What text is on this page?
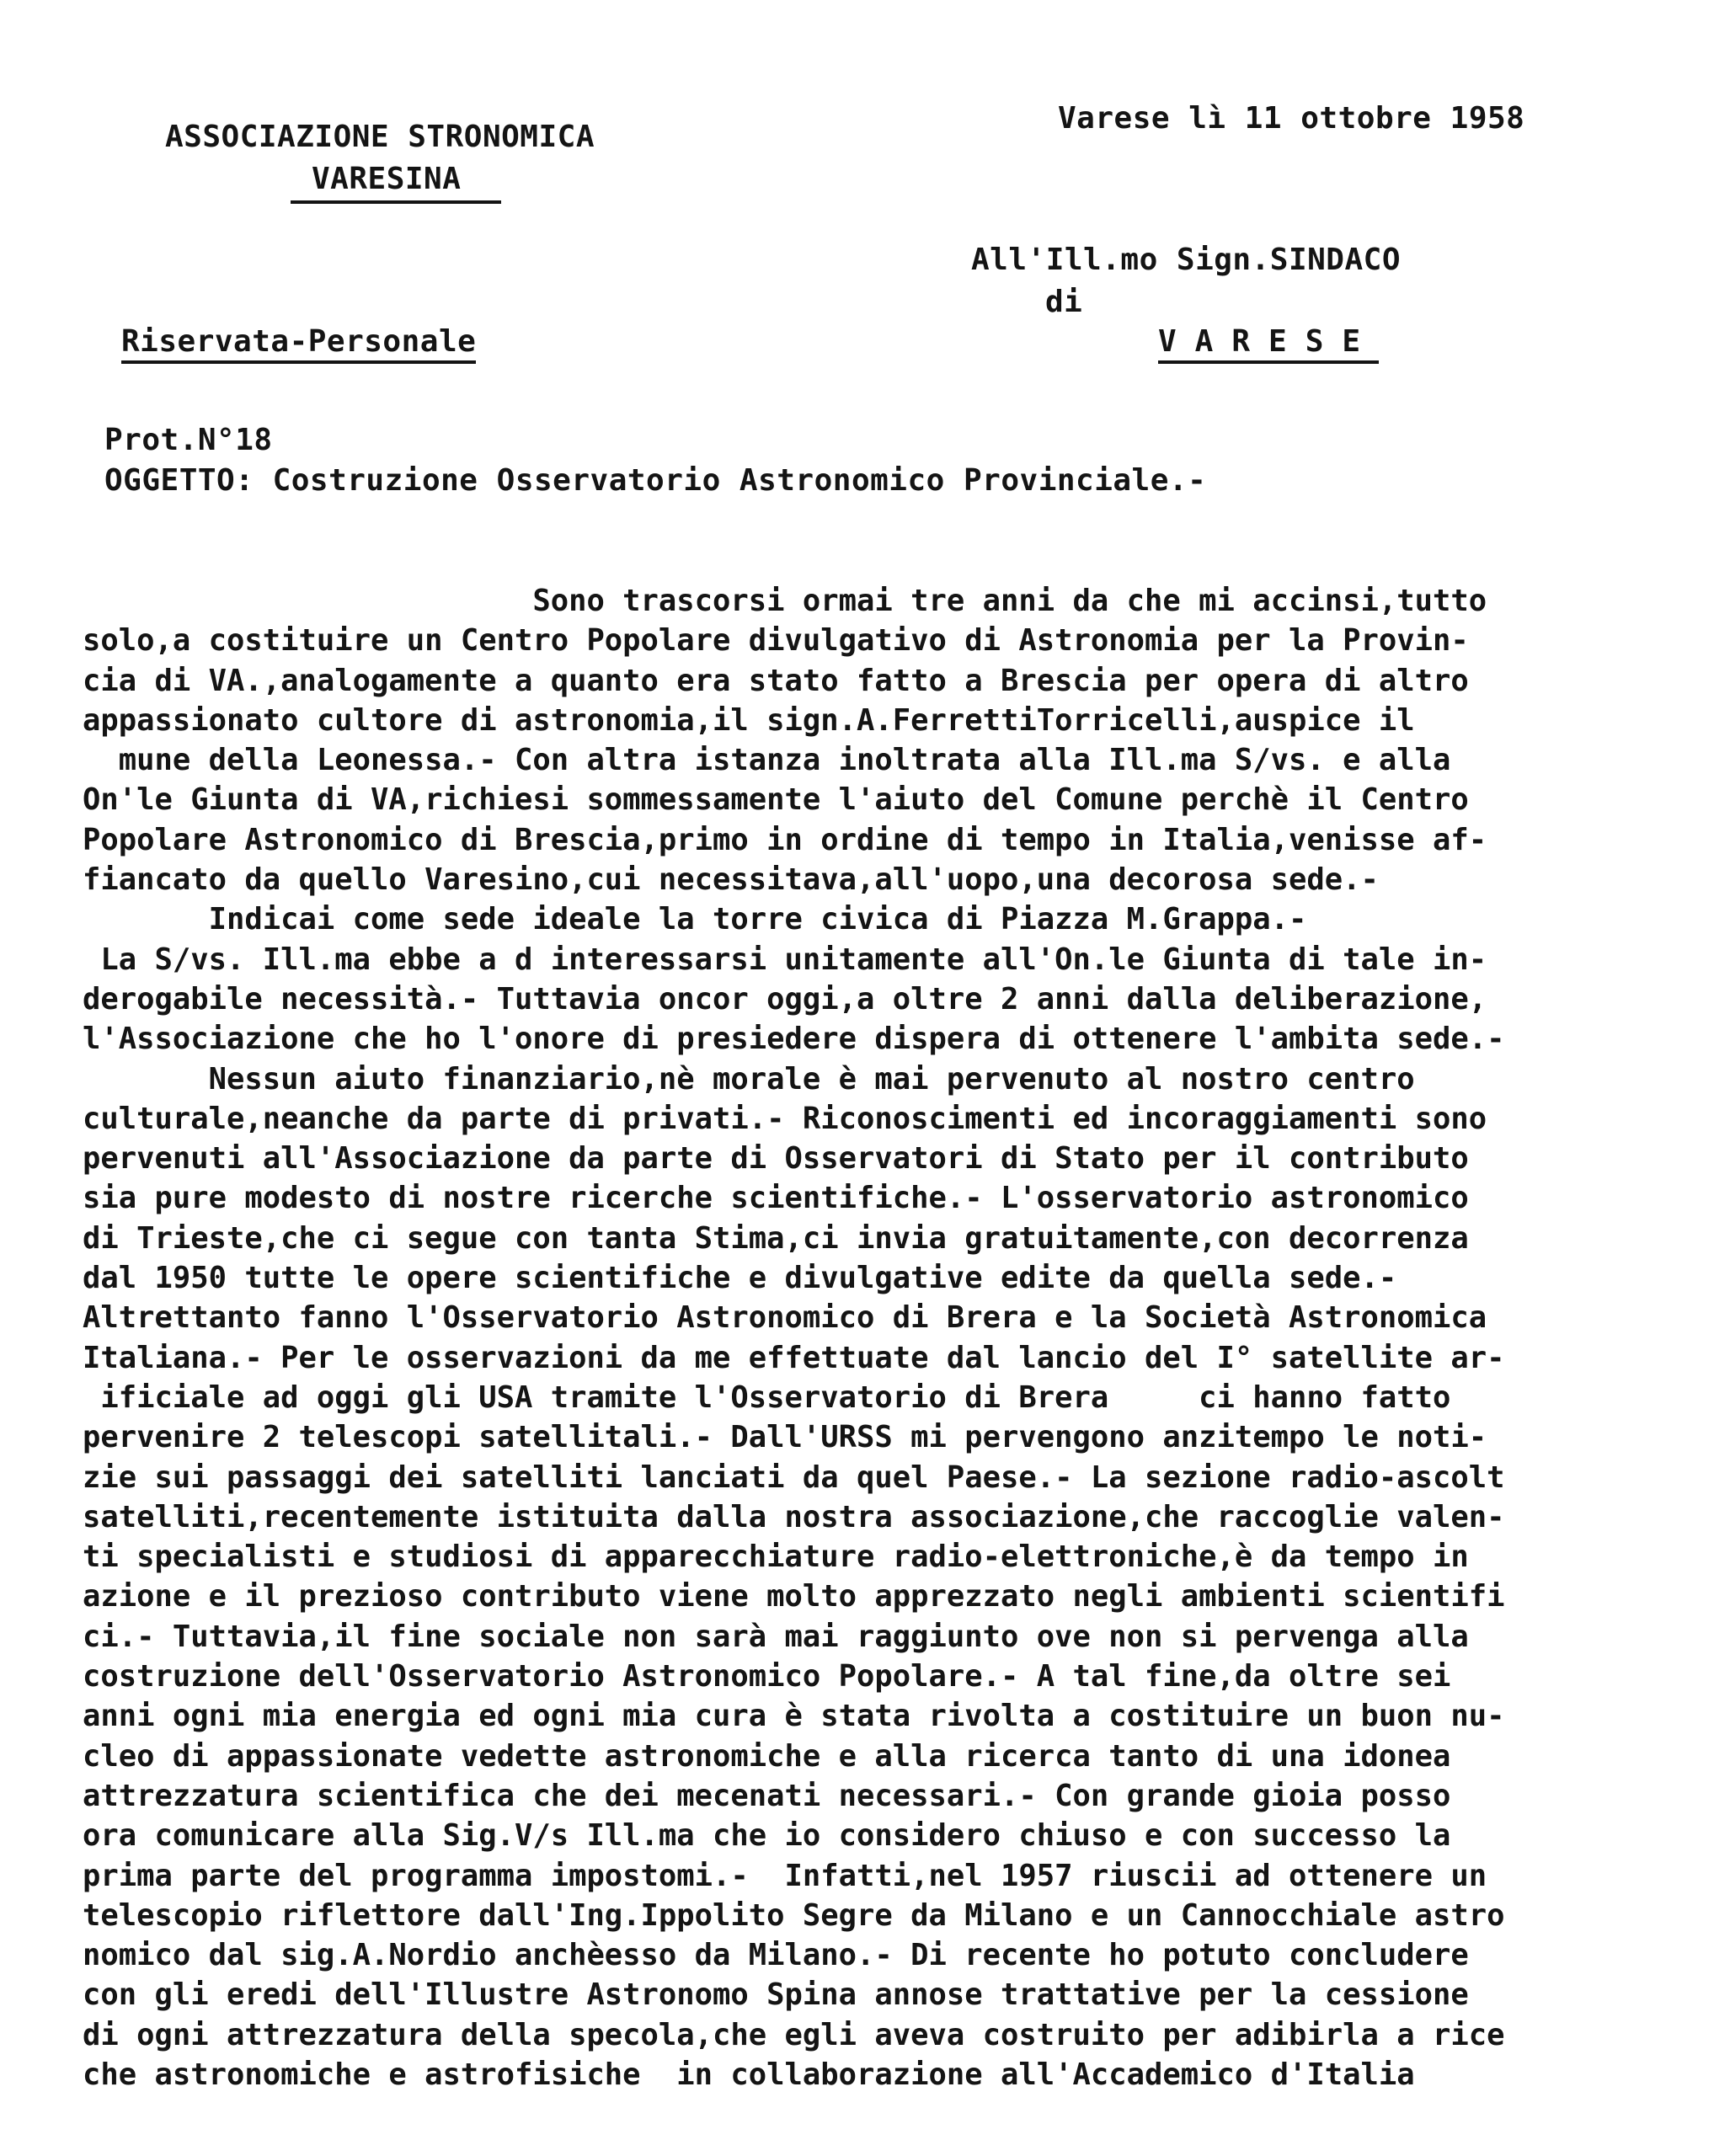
ASSOCIAZIONE STRONOMICA
VARESINA
Varese lì 11 ottobre 1958
All'Ill.mo Sign.SINDACO
di
VARESE
Riservata-Personale
Prot.N°18
OGGETTO: Costruzione Osservatorio Astronomico Provinciale.-
Sono trascorsi ormai tre anni da che mi accinsi,tutto
solo,a costituire un Centro Popolare divulgativo di Astronomia per la Provin-
cia di VA.,analogamente a quanto era stato fatto a Brescia per opera di altro
appassionato cultore di astronomia,il sign.A.FerrettiTorricelli,auspice il
mune della Leonessa.- Con altra istanza inoltrata alla Ill.ma S/vs. e alla
On'le Giunta di VA,richiesi sommessamente l'aiuto del Comune perchè il Centro
Popolare Astronomico di Brescia,primo in ordine di tempo in Italia,venisse af-
fiancato da quello Varesino,cui necessitava,all'uopo,una decorosa sede.-
Indicai come sede ideale la torre civica di Piazza M.Grappa.-
La S/vs. Ill.ma ebbe a d interessarsi unitamente all'On.le Giunta di tale in-
derogabile necessità.- Tuttavia oncor oggi,a oltre 2 anni dalla deliberazione,
l'Associazione che ho l'onore di presiedere dispera di ottenere l'ambita sede.-
Nessun aiuto finanziario,nè morale è mai pervenuto al nostro centro
culturale,neanche da parte di privati.- Riconoscimenti ed incoraggiamenti sono
pervenuti all'Associazione da parte di Osservatori di Stato per il contributo
sia pure modesto di nostre ricerche scientifiche.- L'osservatorio astronomico
di Trieste,che ci segue con tanta Stima,ci invia gratuitamente,con decorrenza
dal 1950 tutte le opere scientifiche e divulgative edite da quella sede.-
Altrettanto fanno l'Osservatorio Astronomico di Brera e la Società Astronomica
Italiana.- Per le osservazioni da me effettuate dal lancio del I° satellite ar-
ificiale ad oggi gli USA tramite l'Osservatorio di Brera     ci hanno fatto
pervenire 2 telescopi satellitali.- Dall'URSS mi pervengono anzitempo le noti-
zie sui passaggi dei satelliti lanciati da quel Paese.- La sezione radio-ascolt
satelliti,recentemente istituita dalla nostra associazione,che raccoglie valen-
ti specialisti e studiosi di apparecchiature radio-elettroniche,è da tempo in
azione e il prezioso contributo viene molto apprezzato negli ambienti scientifi
ci.- Tuttavia,il fine sociale non sarà mai raggiunto ove non si pervenga alla
costruzione dell'Osservatorio Astronomico Popolare.- A tal fine,da oltre sei
anni ogni mia energia ed ogni mia cura è stata rivolta a costituire un buon nu-
cleo di appassionate vedette astronomiche e alla ricerca tanto di una idonea
attrezzatura scientifica che dei mecenati necessari.- Con grande gioia posso
ora comunicare alla Sig.V/s Ill.ma che io considero chiuso e con successo la
prima parte del programma impostomi.-  Infatti,nel 1957 riuscii ad ottenere un
telescopio riflettore dall'Ing.Ippolito Segre da Milano e un Cannocchiale astro
nomico dal sig.A.Nordio anchèesso da Milano.- Di recente ho potuto concludere
con gli eredi dell'Illustre Astronomo Spina annose trattative per la cessione
di ogni attrezzatura della specola,che egli aveva costruito per adibirla a rice
che astronomiche e astrofisiche  in collaborazione all'Accademico d'Italia
